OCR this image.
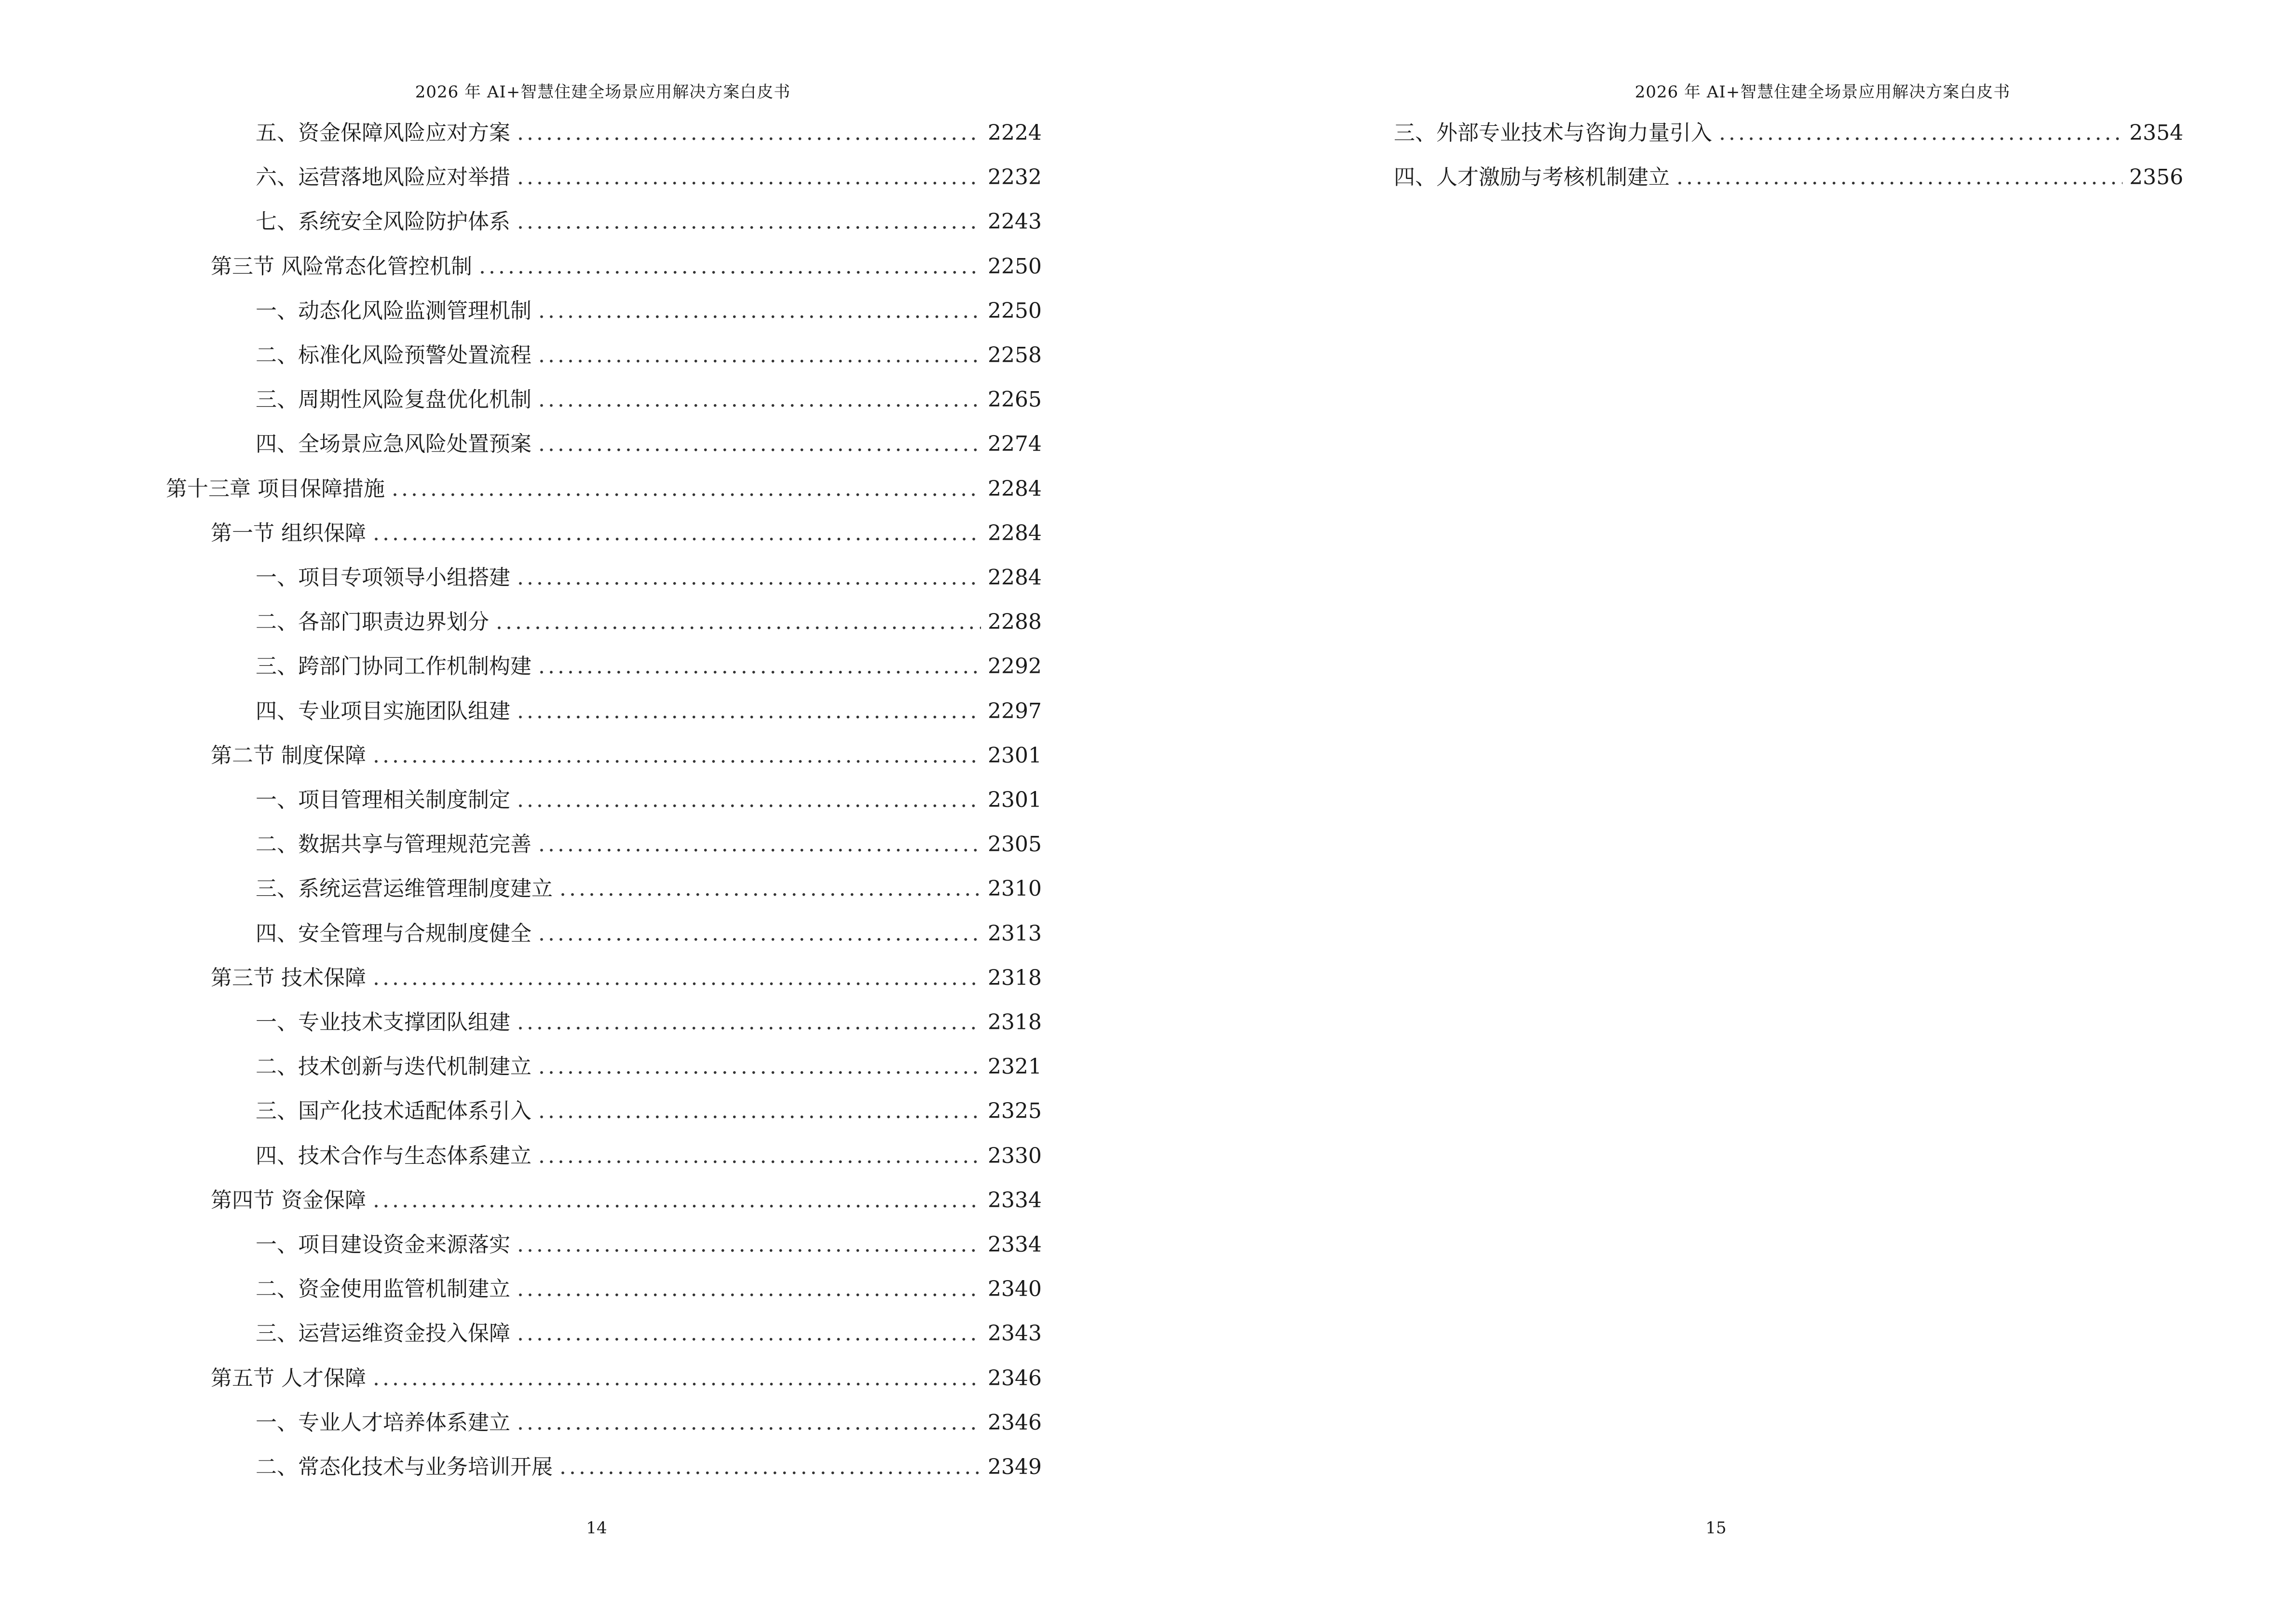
2026 年 AI+智慧住建全场景应用解决方案白皮书
五、资金保障风险应对方案 .....	2224
六、运营落地风险应对举措 .....	2232
七、系统安全风险防护体系 .....	2243
第三节 风险常态化管控机制 .....	2250
一、动态化风险监测管理机制 .....	2250
二、标准化风险预警处置流程 .....	2258
三、周期性风险复盘优化机制 .....	2265
四、全场景应急风险处置预案 .....	2274
第十三章 项目保障措施 .....	2284
第一节 组织保障 .....	2284
一、项目专项领导小组搭建 .....	2284
二、各部门职责边界划分 .....	2288
三、跨部门协同工作机制构建 .....	2292
四、专业项目实施团队组建 .....	2297
第二节 制度保障 .....	2301
一、项目管理相关制度制定 .....	2301
二、数据共享与管理规范完善 .....	2305
三、系统运营运维管理制度建立 .....	2310
四、安全管理与合规制度健全 .....	2313
第三节 技术保障 .....	2318
一、专业技术支撑团队组建 .....	2318
二、技术创新与迭代机制建立 .....	2321
三、国产化技术适配体系引入 .....	2325
四、技术合作与生态体系建立 .....	2330
第四节 资金保障 .....	2334
一、项目建设资金来源落实 .....	2334
二、资金使用监管机制建立 .....	2340
三、运营运维资金投入保障 .....	2343
第五节 人才保障 .....	2346
一、专业人才培养体系建立 .....	2346
二、常态化技术与业务培训开展 .....	2349
14
2026 年 AI+智慧住建全场景应用解决方案白皮书
三、外部专业技术与咨询力量引入 .....	2354
四、人才激励与考核机制建立 .....	2356
15
